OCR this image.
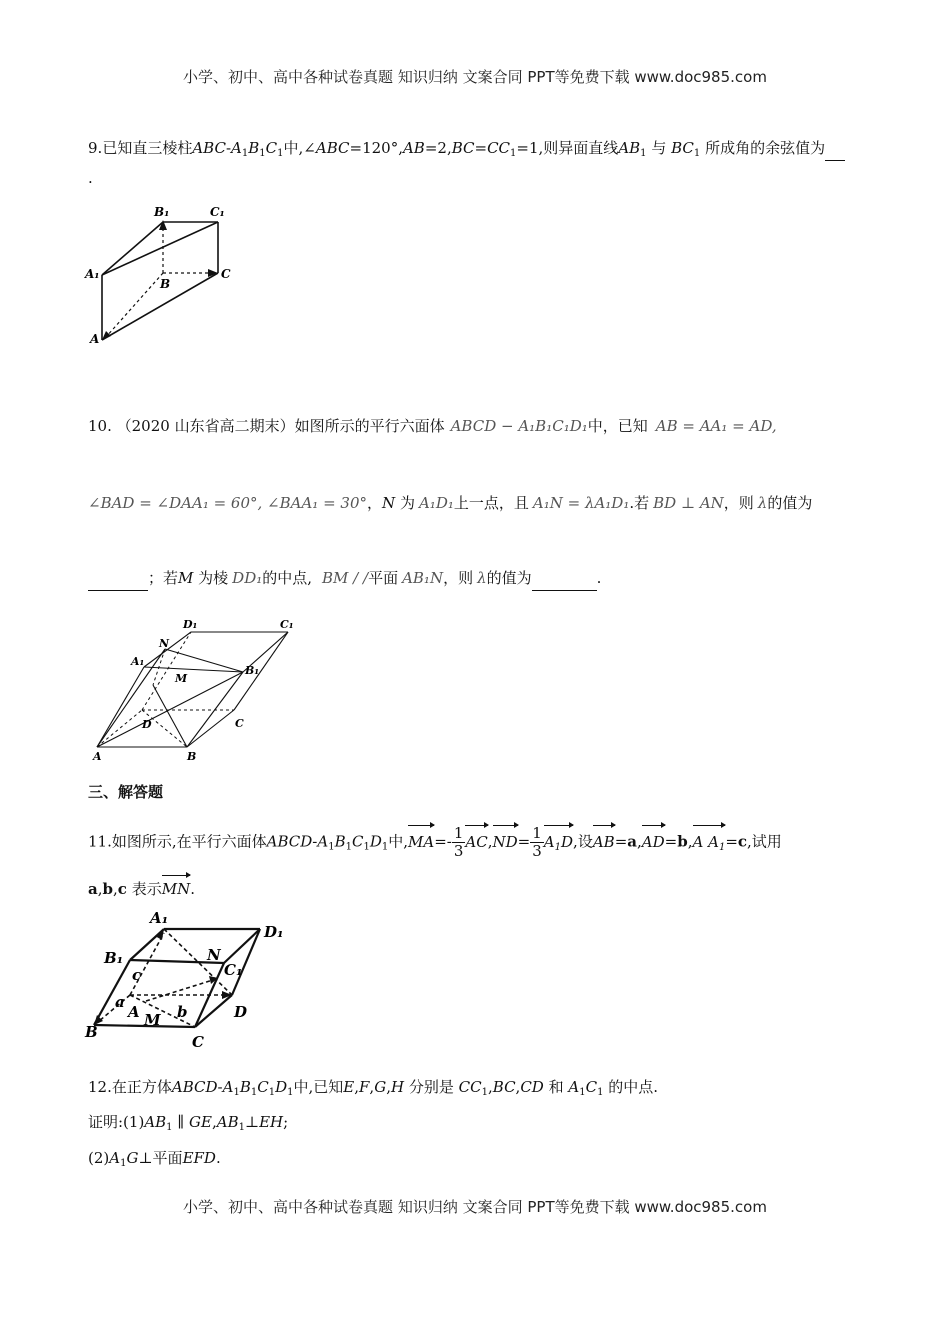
小学、初中、高中各种试卷真题 知识归纳 文案合同 PPT等免费下载 www.doc985.com
9.已知直三棱柱ABC-$A_1B_1C_1$中$,\angle ABC=120^\circ,AB=2,BC=CC_1=1$,则异面直线$AB_1$ 与 $BC_1$ 所成角的余弦值为
.
B₁	C₁
A₁
B
C
A
10. （2020 山东省高二期末）如图所示的平行六面体 ABCD − A₁B₁C₁D₁中，已知 AB = AA₁ = AD,
∠BAD = ∠DAA₁ = 60°, ∠BAA₁ = 30°，N 为 A₁D₁上一点，且 A₁N = λA₁D₁.若 BD ⊥ AN，则 λ的值为
；若M 为棱 DD₁的中点, BM / /平面 AB₁N，则 λ的值为	.
D₁	C₁
N
A₁
M
B₁
D	C
A	B
三、解答题
11.如图所示,在平行六面体ABCD-$A_1B_1C_1D_1$中$,MA=- \frac{1}{3} AC,ND= \frac{1}{3} A_1D$,设AB=a,AD=b,A $A_1=c$,试用
a,b,c 表示MN.
A₁
D₁
B₁	N
C₁
c
a
A M b	D
B
C
12.在正方体ABCD-$A_1B_1C_1D_1$中,已知E,F,G,H 分别是 $CC_1,BC,CD$ 和 $A_1C_1$ 的中点.
证明$:(1)AB_1$ ∥ $GE,AB_1\perp EH$;
$(2)A_1G\perp$平面EFD.
小学、初中、高中各种试卷真题 知识归纳 文案合同 PPT等免费下载 www.doc985.com
